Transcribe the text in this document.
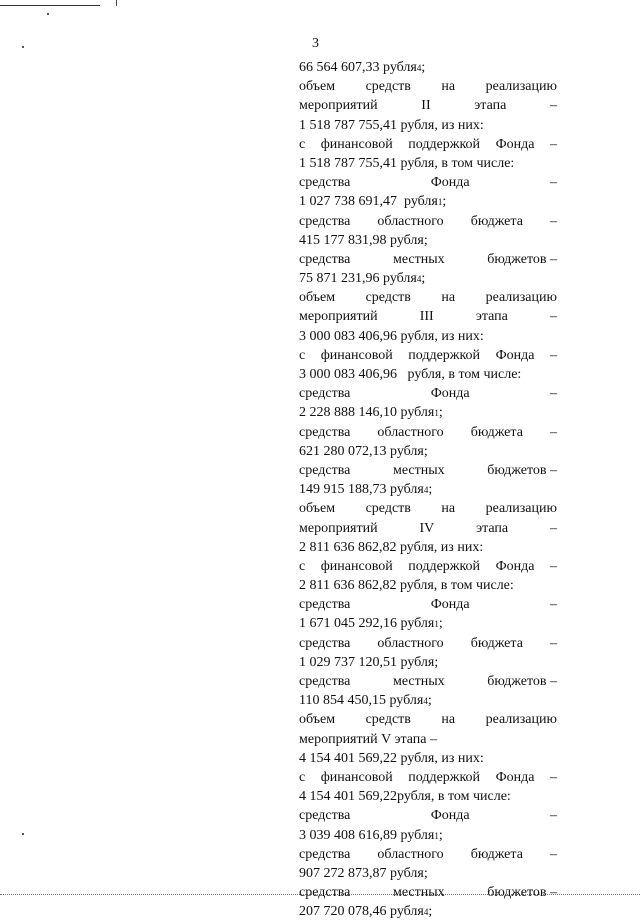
3
66 564 607,33 рубля 4 ;
объем средств на реализацию
мероприятий	II	этапа	–
1 518 787 755,41 рубля, из них:
с финансовой поддержкой Фонда –
1 518 787 755,41 рубля, в том числе:
средства	Фонда	–
1 027 738 691,47  рубля 1 ;
средства областного бюджета –
415 177 831,98 рубля;
средства	местных	бюджетов –
75 871 231,96 рубля 4 ;
объем средств на реализацию
мероприятий	III	этапа	–
3 000 083 406,96 рубля, из них:
с финансовой поддержкой Фонда –
3 000 083 406,96   рубля, в том числе:
средства	Фонда	–
2 228 888 146,10 рубля 1 ;
средства областного бюджета –
621 280 072,13 рубля;
средства	местных	бюджетов –
149 915 188,73 рубля 4 ;
объем средств на реализацию
мероприятий	IV	этапа	–
2 811 636 862,82 рубля, из них:
с финансовой поддержкой Фонда –
2 811 636 862,82 рубля, в том числе:
средства	Фонда	–
1 671 045 292,16 рубля 1 ;
средства областного бюджета –
1 029 737 120,51 рубля;
средства	местных	бюджетов –
110 854 450,15 рубля 4 ;
объем средств на реализацию
мероприятий V этапа –
4 154 401 569,22 рубля, из них:
с финансовой поддержкой Фонда –
4 154 401 569,22рубля, в том числе:
средства	Фонда	–
3 039 408 616,89 рубля 1 ;
средства областного бюджета –
907 272 873,87 рубля;
средства	местных	бюджетов –
207 720 078,46 рубля 4 ;
